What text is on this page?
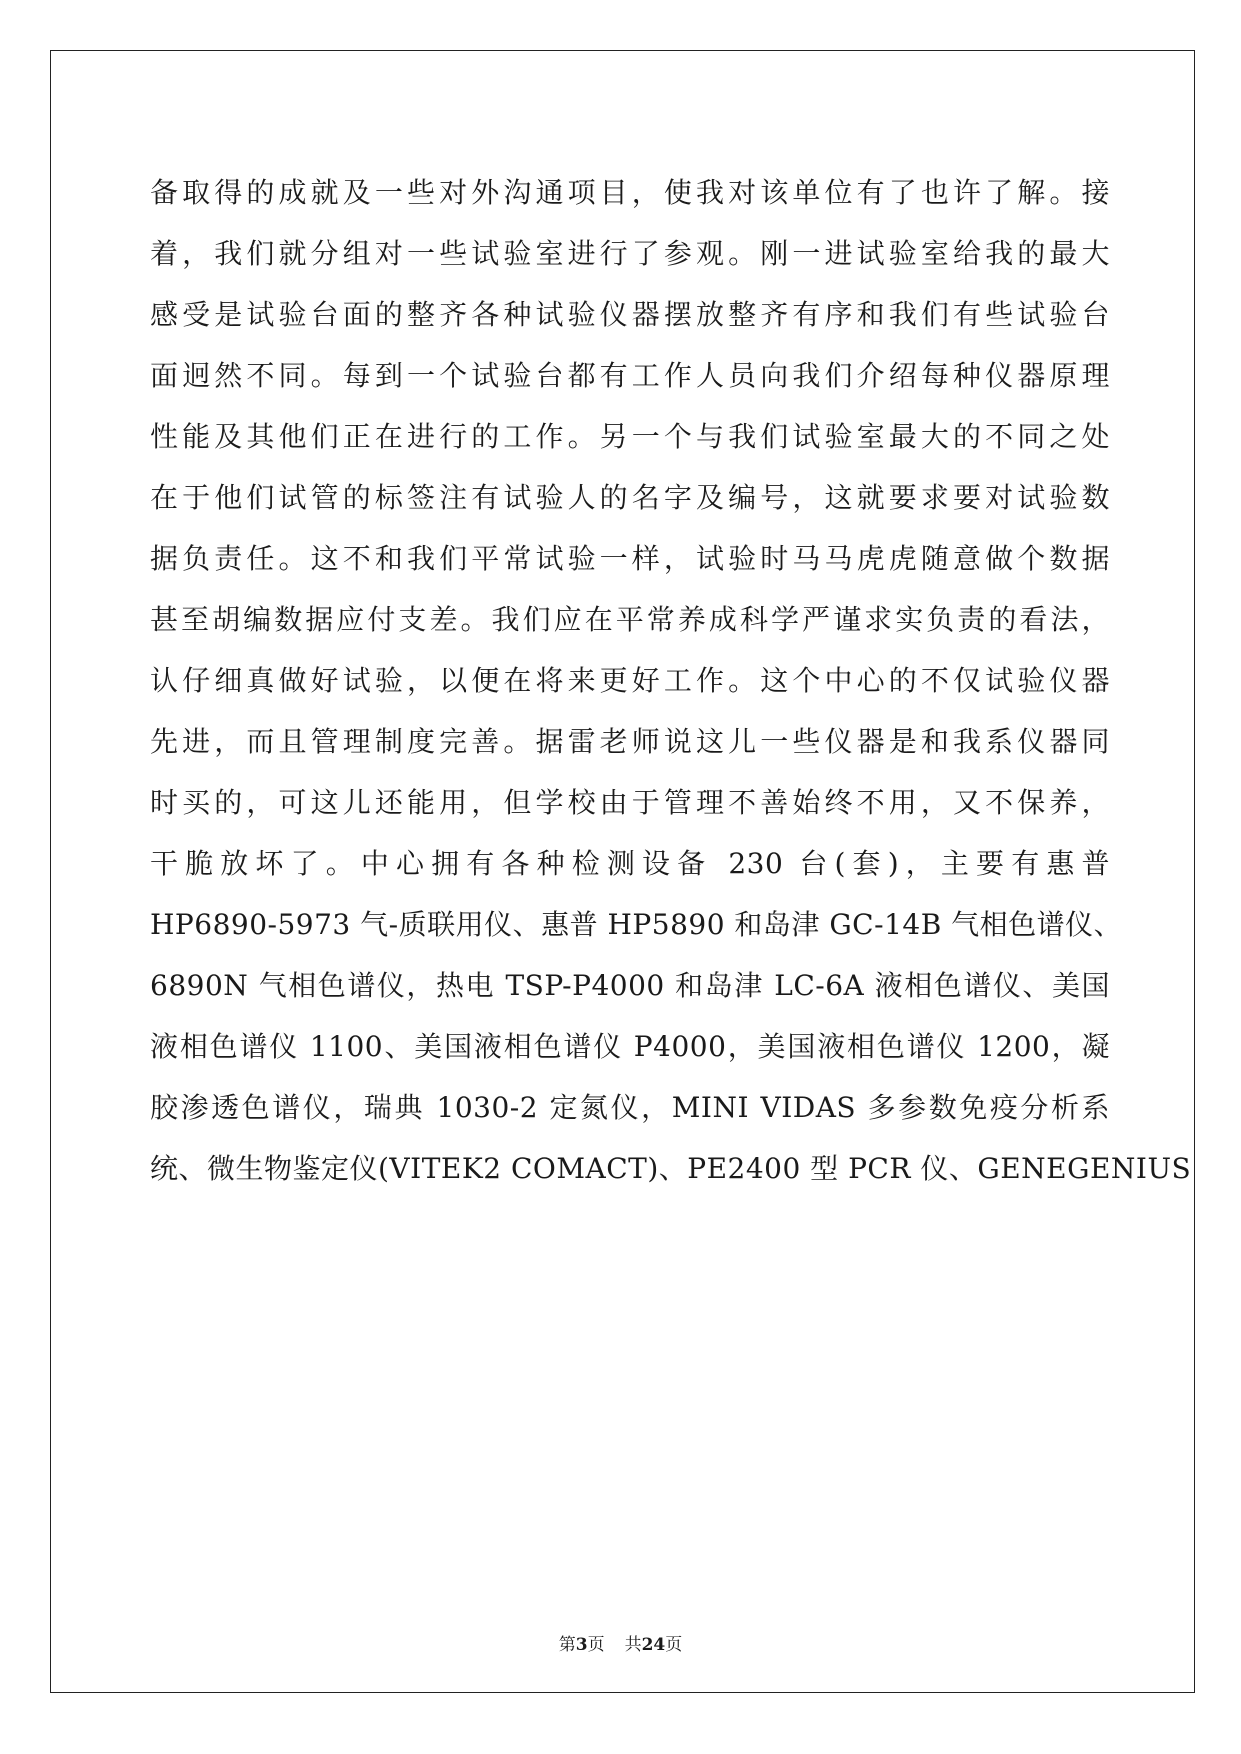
备取得的成就及一些对外沟通项目，使我对该单位有了也许了解。接
着，我们就分组对一些试验室进行了参观。刚一进试验室给我的最大
感受是试验台面的整齐各种试验仪器摆放整齐有序和我们有些试验台
面迥然不同。每到一个试验台都有工作人员向我们介绍每种仪器原理
性能及其他们正在进行的工作。另一个与我们试验室最大的不同之处
在于他们试管的标签注有试验人的名字及编号，这就要求要对试验数
据负责任。这不和我们平常试验一样，试验时马马虎虎随意做个数据
甚至胡编数据应付支差。我们应在平常养成科学严谨求实负责的看法，
认仔细真做好试验，以便在将来更好工作。这个中心的不仅试验仪器
先进，而且管理制度完善。据雷老师说这儿一些仪器是和我系仪器同
时买的，可这儿还能用，但学校由于管理不善始终不用，又不保养，
干脆放坏了。中心拥有各种检测设备 230 台(套)，主要有惠普
HP6890-5973 气-质联用仪、惠普 HP5890 和岛津 GC-14B 气相色谱仪、
6890N 气相色谱仪，热电 TSP-P4000 和岛津 LC-6A 液相色谱仪、美国
液相色谱仪 1100、美国液相色谱仪 P4000，美国液相色谱仪 1200，凝
胶渗透色谱仪，瑞典 1030-2 定氮仪，MINI VIDAS 多参数免疫分析系
统、微生物鉴定仪(VITEK2 COMACT)、PE2400 型 PCR 仪、GENEGENIUS
第3页 共24页
